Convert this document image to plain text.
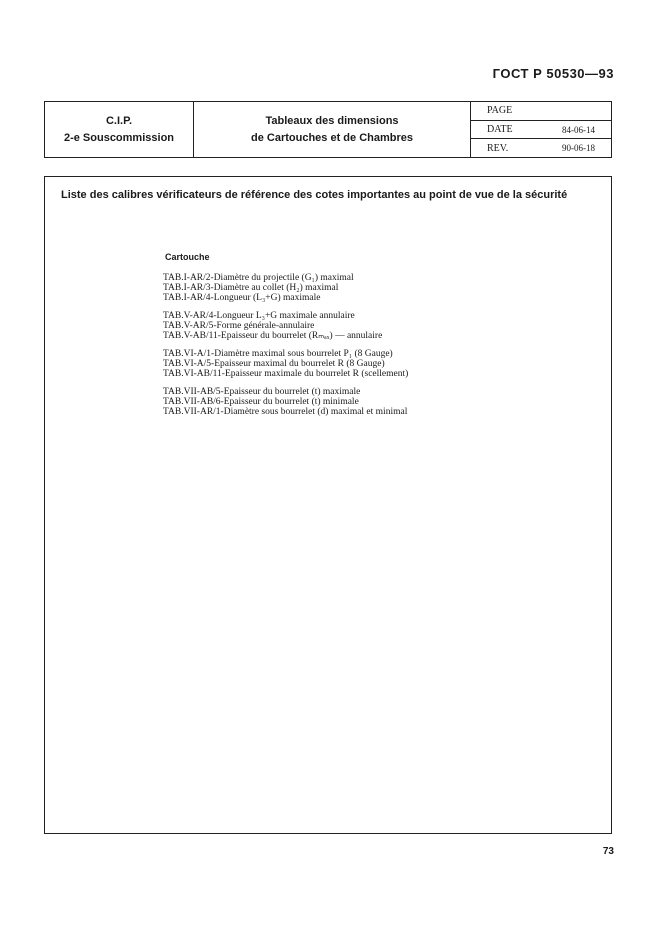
ГОСТ Р 50530—93
C.I.P.
2-e Souscommission
Tableaux des dimensions
de Cartouches et de Chambres
PAGE
DATE	84-06-14
REV.	90-06-18
Liste des calibres vérificateurs de référence des cotes importantes au point de vue de la sécurité
Cartouche
TAB.I-AR/2-Diamètre du projectile (G₁) maximal
TAB.I-AR/3-Diamètre au collet (H₂) maximal
TAB.I-AR/4-Longueur (L₃+G) maximale
TAB.V-AR/4-Longueur L₃+G maximale annulaire
TAB.V-AR/5-Forme générale-annulaire
TAB.V-AB/11-Epaisseur du bourrelet (Rₘₐₓ) — annulaire
TAB.VI-A/1-Diamètre maximal sous bourrelet P₁ (8 Gauge)
TAB.VI-A/5-Epaisseur maximal du bourrelet R (8 Gauge)
TAB.VI-AB/11-Epaisseur maximale du bourrelet R (scellement)
TAB.VII-AB/5-Epaisseur du bourrelet (t) maximale
TAB.VII-AB/6-Epaisseur du bourrelet (t) minimale
TAB.VII-AR/1-Diamètre sous bourrelet (d) maximal et minimal
73
